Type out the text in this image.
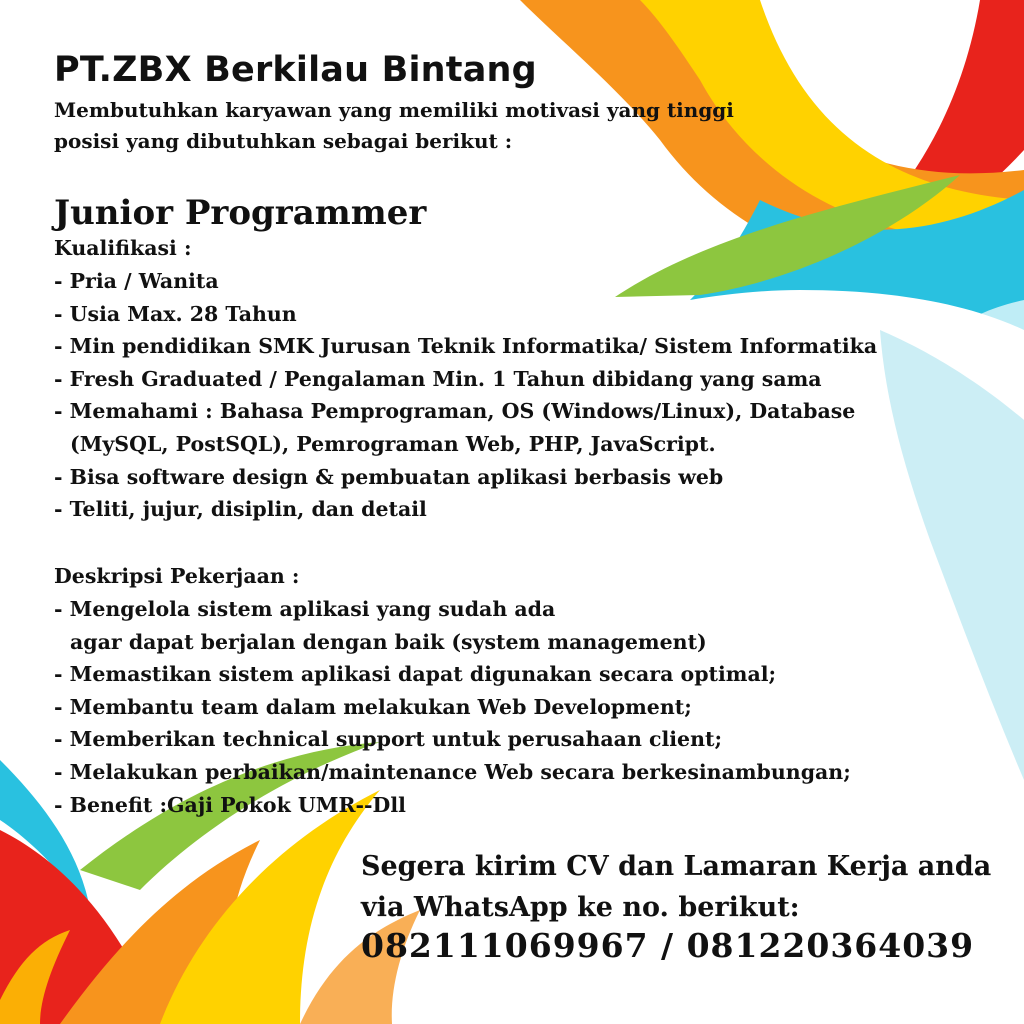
PT.ZBX Berkilau Bintang
Membutuhkan karyawan yang memiliki motivasi yang tinggi
posisi yang dibutuhkan sebagai berikut :
Junior Programmer
Kualifikasi :
- Pria / Wanita
- Usia Max. 28 Tahun
- Min pendidikan SMK Jurusan Teknik Informatika/ Sistem Informatika
- Fresh Graduated / Pengalaman Min. 1 Tahun dibidang yang sama
- Memahami : Bahasa Pemprograman, OS (Windows/Linux), Database
(MySQL, PostSQL), Pemrograman Web, PHP, JavaScript.
- Bisa software design & pembuatan aplikasi berbasis web
- Teliti, jujur, disiplin, dan detail
Deskripsi Pekerjaan :
- Mengelola sistem aplikasi yang sudah ada
agar dapat berjalan dengan baik (system management)
- Memastikan sistem aplikasi dapat digunakan secara optimal;
- Membantu team dalam melakukan Web Development;
- Memberikan technical support untuk perusahaan client;
- Melakukan perbaikan/maintenance Web secara berkesinambungan;
- Benefit :Gaji Pokok UMR--Dll
Segera kirim CV dan Lamaran Kerja anda
via WhatsApp ke no. berikut:
082111069967 / 081220364039
